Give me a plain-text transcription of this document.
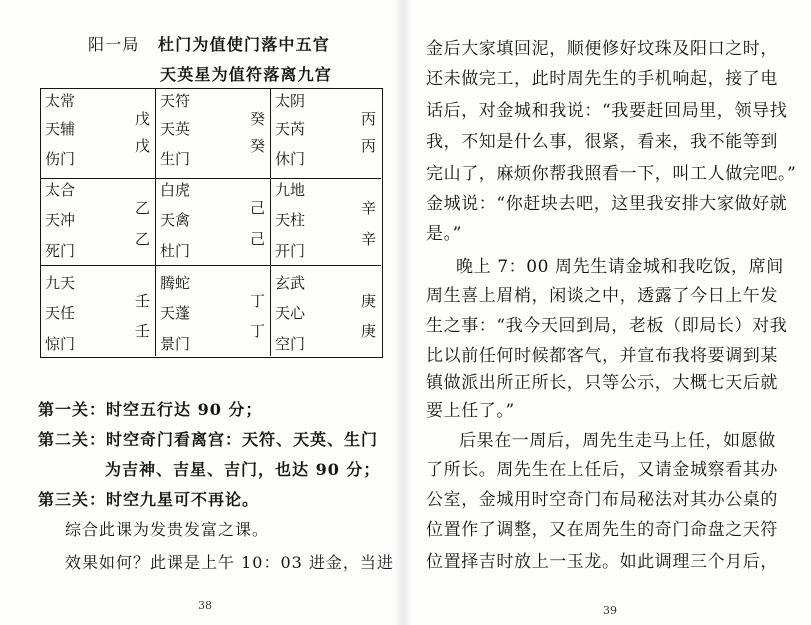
阳一局 杜门为值使门落中五官
天英星为值符落离九宫
太常
天辅
伤门
戊
戊
天符
天英
生门
癸
癸
太阴
天芮
休门
丙
丙
太合
天冲
死门
乙
乙
白虎
天禽
杜门
己
己
九地
天柱
开门
辛
辛
九天
天任
惊门
壬
壬
腾蛇
天蓬
景门
丁
丁
玄武
天心
空门
庚
庚
第一关：时空五行达 90 分；
第二关：时空奇门看离宫：天符、天英、生门
为吉神、吉星、吉门，也达 90 分；
第三关：时空九星可不再论。
综合此课为发贵发富之课。
效果如何？此课是上午 10：03 进金，当进
38
金后大家填回泥，顺便修好坟珠及阳口之时，
还未做完工，此时周先生的手机响起，接了电
话后，对金城和我说：“我要赶回局里，领导找
我，不知是什么事，很紧，看来，我不能等到
完山了，麻烦你帮我照看一下，叫工人做完吧。”
金城说：“你赶块去吧，这里我安排大家做好就
是。”
晚上 7：00 周先生请金城和我吃饭，席间
周生喜上眉梢，闲谈之中，透露了今日上午发
生之事：“我今天回到局，老板（即局长）对我
比以前任何时候都客气，并宣布我将要调到某
镇做派出所正所长，只等公示，大概七天后就
要上任了。”
后果在一周后，周先生走马上任，如愿做
了所长。周先生在上任后，又请金城察看其办
公室，金城用时空奇门布局秘法对其办公桌的
位置作了调整，又在周先生的奇门命盘之天符
位置择吉时放上一玉龙。如此调理三个月后，
39
